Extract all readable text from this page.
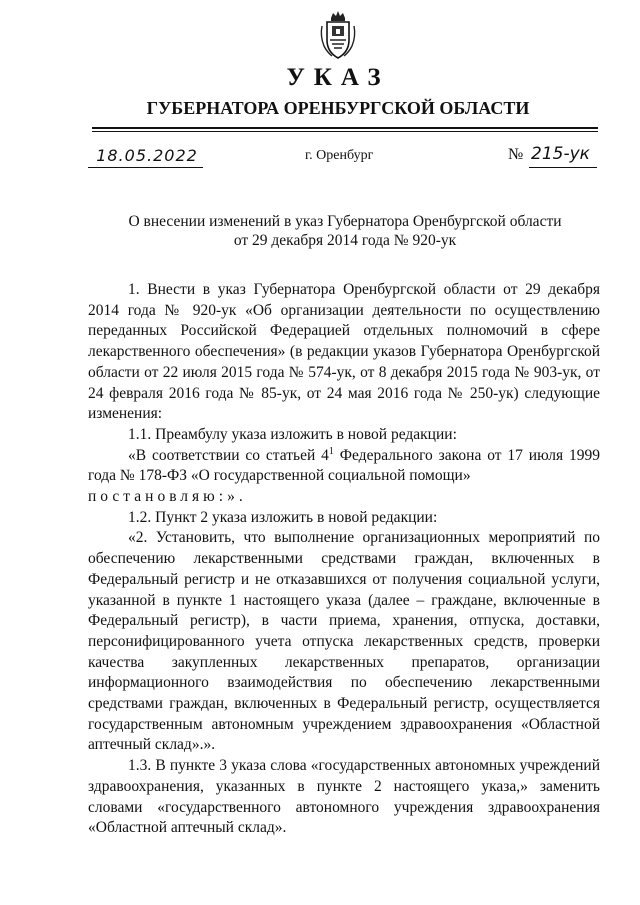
УКАЗ
ГУБЕРНАТОРА ОРЕНБУРГСКОЙ ОБЛАСТИ
18.05.2022	г. Оренбург	№ 215-ук
О внесении изменений в указ Губернатора Оренбургской области
от 29 декабря 2014 года № 920-ук

1. Внести в указ Губернатора Оренбургской области от 29 декабря 2014 года № 920-ук «Об организации деятельности по осуществлению переданных Российской Федерацией отдельных полномочий в сфере лекарственного обеспечения» (в редакции указов Губернатора Оренбургской области от 22 июля 2015 года № 574-ук, от 8 декабря 2015 года № 903-ук, от 24 февраля 2016 года № 85-ук, от 24 мая 2016 года № 250-ук) следующие изменения:

1.1. Преамбулу указа изложить в новой редакции:

«В соответствии со статьей $4^1$ Федерального закона от 17 июля 1999 года № 178-ФЗ «О государственной социальной помощи»
постановляю:».

1.2. Пункт 2 указа изложить в новой редакции:

«2. Установить, что выполнение организационных мероприятий по обеспечению лекарственными средствами граждан, включенных в Федеральный регистр и не отказавшихся от получения социальной услуги, указанной в пункте 1 настоящего указа (далее – граждане, включенные в Федеральный регистр), в части приема, хранения, отпуска, доставки, персонифицированного учета отпуска лекарственных средств, проверки качества закупленных лекарственных препаратов, организации информационного взаимодействия по обеспечению лекарственными средствами граждан, включенных в Федеральный регистр, осуществляется государственным автономным учреждением здравоохранения «Областной аптечный склад».».

1.3. В пункте 3 указа слова «государственных автономных учреждений здравоохранения, указанных в пункте 2 настоящего указа,» заменить словами «государственного автономного учреждения здравоохранения «Областной аптечный склад».
